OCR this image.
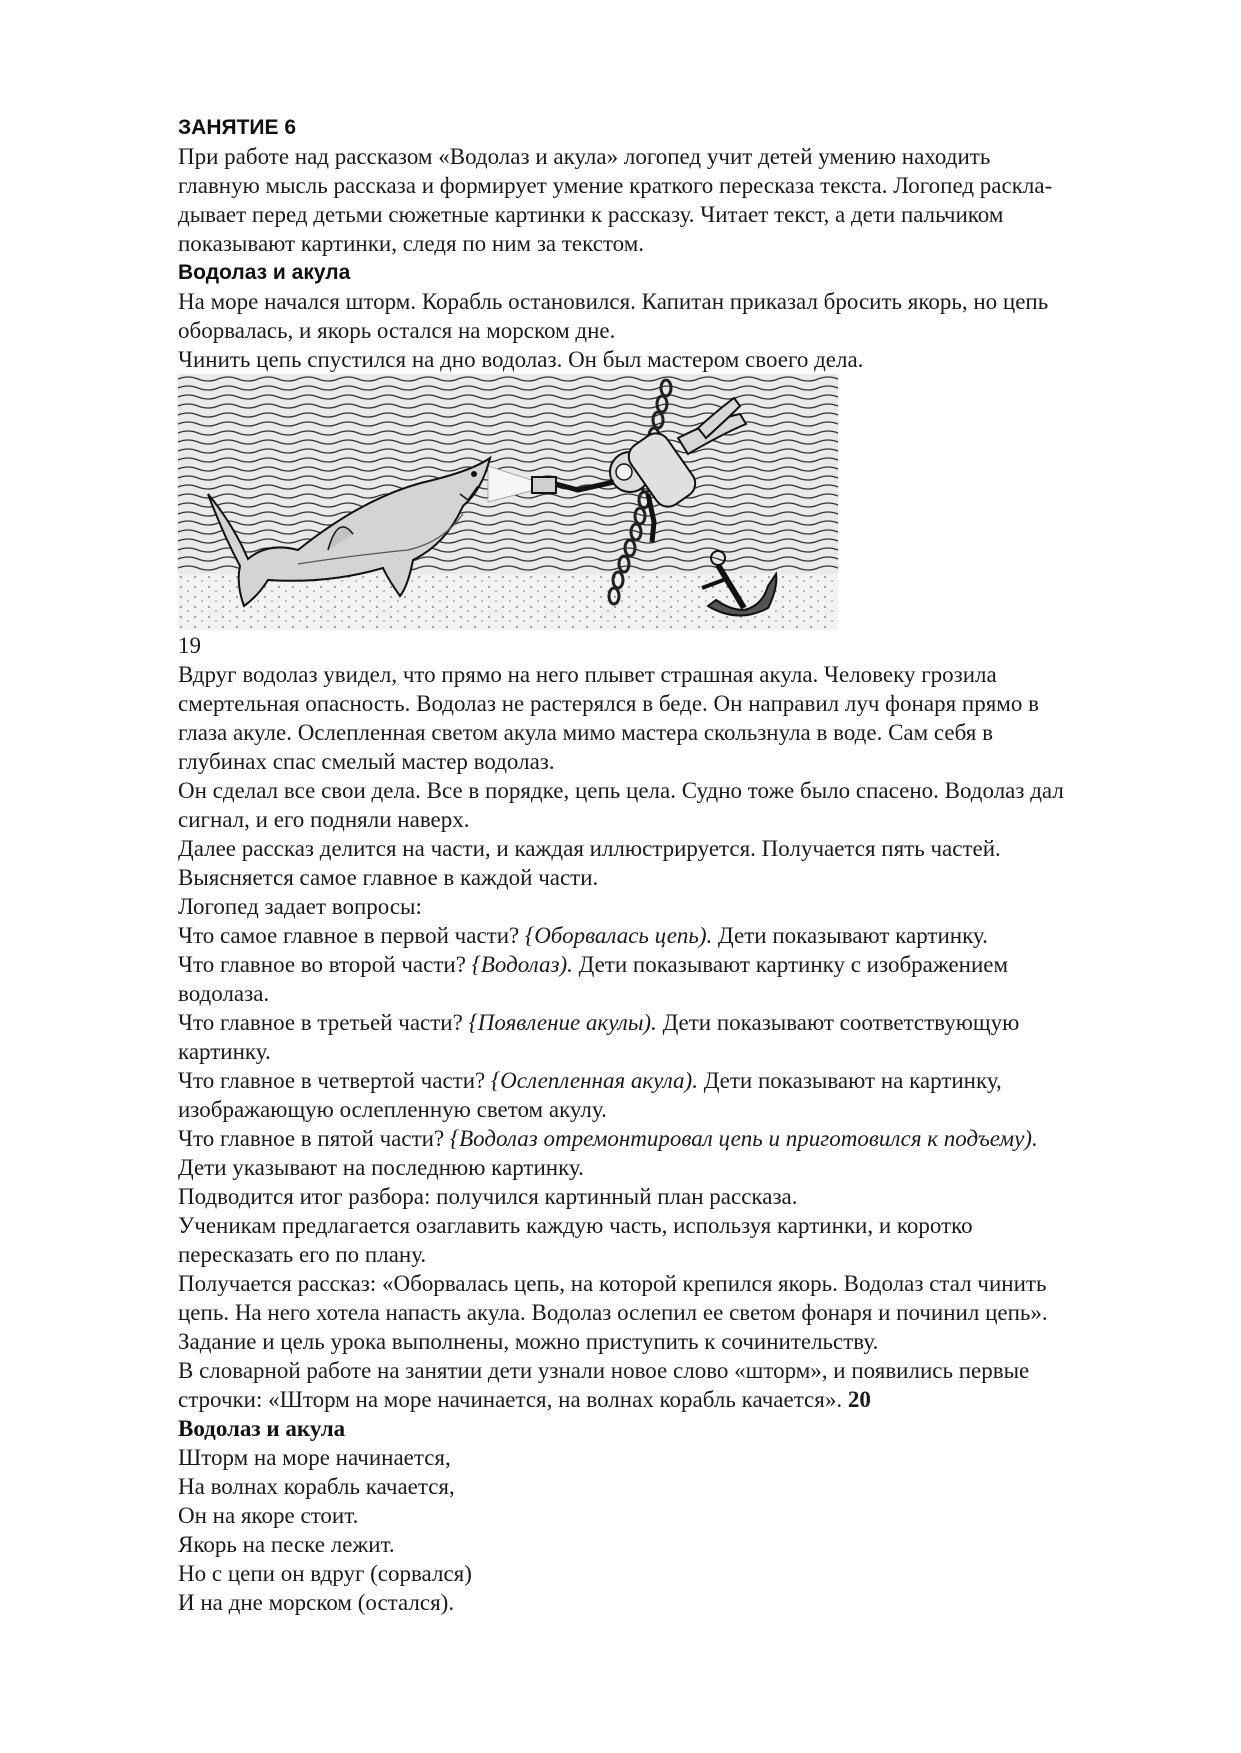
ЗАНЯТИЕ 6

При работе над рассказом «Водолаз и акула» логопед учит детей умению находить

главную мысль рассказа и формирует умение краткого пересказа текста. Логопед раскла-

дывает перед детьми сюжетные картинки к рассказу. Читает текст, а дети пальчиком

показывают картинки, следя по ним за текстом.

Водолаз и акула

На море начался шторм. Корабль остановился. Капитан приказал бросить якорь, но цепь

оборвалась, и якорь остался на морском дне.

Чинить цепь спустился на дно водолаз. Он был мастером своего дела.

19

Вдруг водолаз увидел, что прямо на него плывет страшная акула. Человеку грозила

смертельная опасность. Водолаз не растерялся в беде. Он направил луч фонаря прямо в

глаза акуле. Ослепленная светом акула мимо мастера скользнула в воде. Сам себя в

глубинах спас смелый мастер водолаз.

Он сделал все свои дела. Все в порядке, цепь цела. Судно тоже было спасено. Водолаз дал

сигнал, и его подняли наверх.

Далее рассказ делится на части, и каждая иллюстрируется. Получается пять частей.

Выясняется самое главное в каждой части.

Логопед задает вопросы:

Что самое главное в первой части? {Оборвалась цепь). Дети показывают картинку.

Что главное во второй части? {Водолаз). Дети показывают картинку с изображением

водолаза.

Что главное в третьей части? {Появление акулы). Дети показывают соответствующую

картинку.

Что главное в четвертой части? {Ослепленная акула). Дети показывают на картинку,

изображающую ослепленную светом акулу.

Что главное в пятой части? {Водолаз отремонтировал цепь и приготовился к подъему).

Дети указывают на последнюю картинку.

Подводится итог разбора: получился картинный план рассказа.

Ученикам предлагается озаглавить каждую часть, используя картинки, и коротко

пересказать его по плану.

Получается рассказ: «Оборвалась цепь, на которой крепился якорь. Водолаз стал чинить

цепь. На него хотела напасть акула. Водолаз ослепил ее светом фонаря и починил цепь».

Задание и цель урока выполнены, можно приступить к сочинительству.

В словарной работе на занятии дети узнали новое слово «шторм», и появились первые

строчки: «Шторм на море начинается, на волнах корабль качается». 20

Водолаз и акула

Шторм на море начинается,

На волнах корабль качается,

Он на якоре стоит.

Якорь на песке лежит.

Но с цепи он вдруг (сорвался)

И на дне морском (остался).
